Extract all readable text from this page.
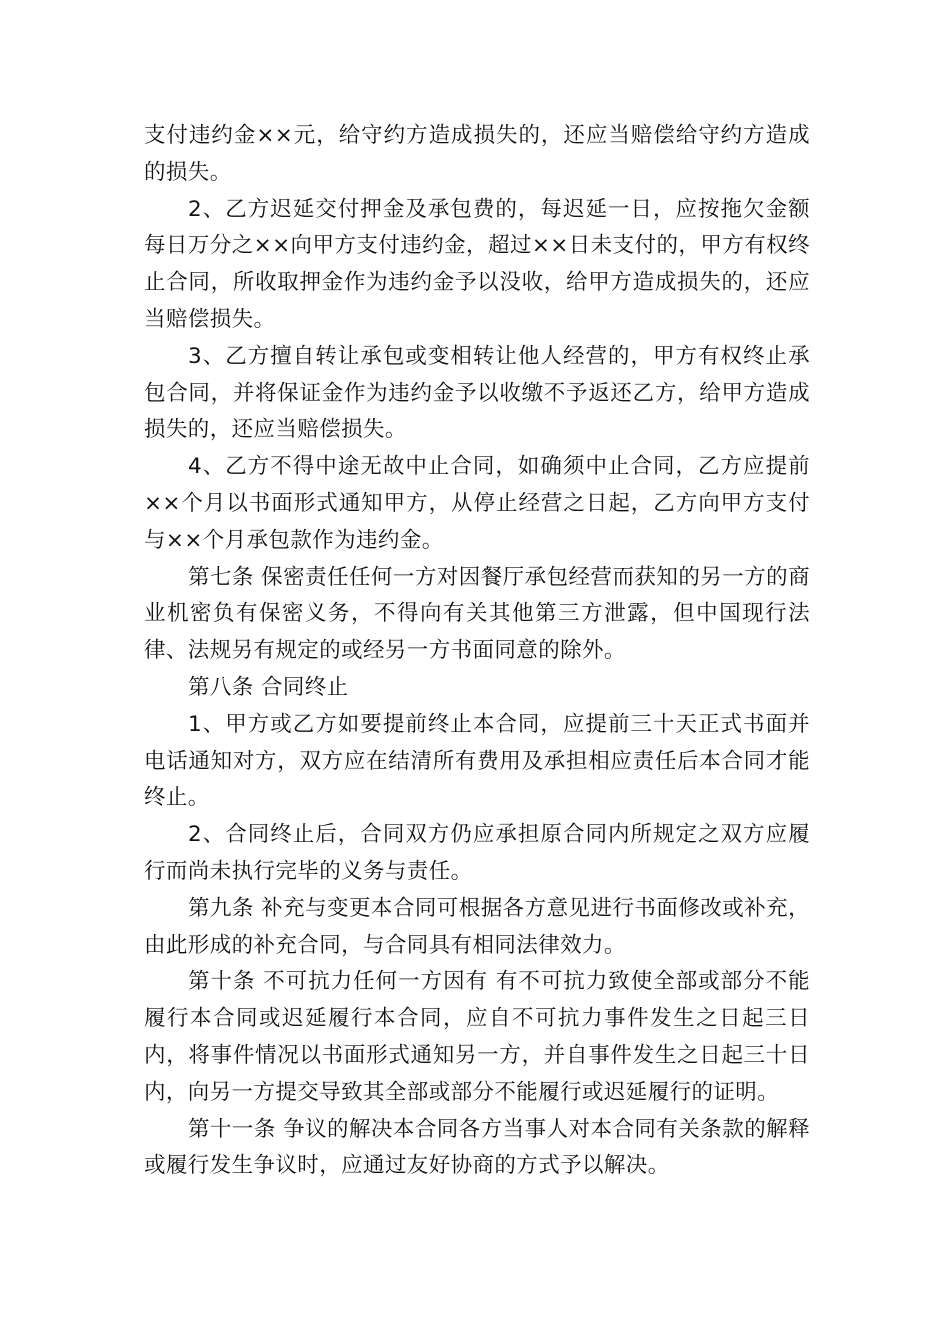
支付违约金××元，给守约方造成损失的，还应当赔偿给守约方造成的损失。

2、乙方迟延交付押金及承包费的，每迟延一日，应按拖欠金额每日万分之××向甲方支付违约金，超过××日未支付的，甲方有权终止合同，所收取押金作为违约金予以没收，给甲方造成损失的，还应当赔偿损失。

3、乙方擅自转让承包或变相转让他人经营的，甲方有权终止承包合同，并将保证金作为违约金予以收缴不予返还乙方，给甲方造成损失的，还应当赔偿损失。

4、乙方不得中途无故中止合同，如确须中止合同，乙方应提前××个月以书面形式通知甲方，从停止经营之日起，乙方向甲方支付与××个月承包款作为违约金。

第七条 保密责任任何一方对因餐厅承包经营而获知的另一方的商业机密负有保密义务，不得向有关其他第三方泄露，但中国现行法律、法规另有规定的或经另一方书面同意的除外。

第八条 合同终止

1、甲方或乙方如要提前终止本合同，应提前三十天正式书面并电话通知对方，双方应在结清所有费用及承担相应责任后本合同才能终止。

2、合同终止后，合同双方仍应承担原合同内所规定之双方应履行而尚未执行完毕的义务与责任。

第九条 补充与变更本合同可根据各方意见进行书面修改或补充，由此形成的补充合同，与合同具有相同法律效力。

第十条 不可抗力任何一方因有 有不可抗力致使全部或部分不能履行本合同或迟延履行本合同，应自不可抗力事件发生之日起三日内，将事件情况以书面形式通知另一方，并自事件发生之日起三十日内，向另一方提交导致其全部或部分不能履行或迟延履行的证明。

第十一条 争议的解决本合同各方当事人对本合同有关条款的解释或履行发生争议时，应通过友好协商的方式予以解决。
